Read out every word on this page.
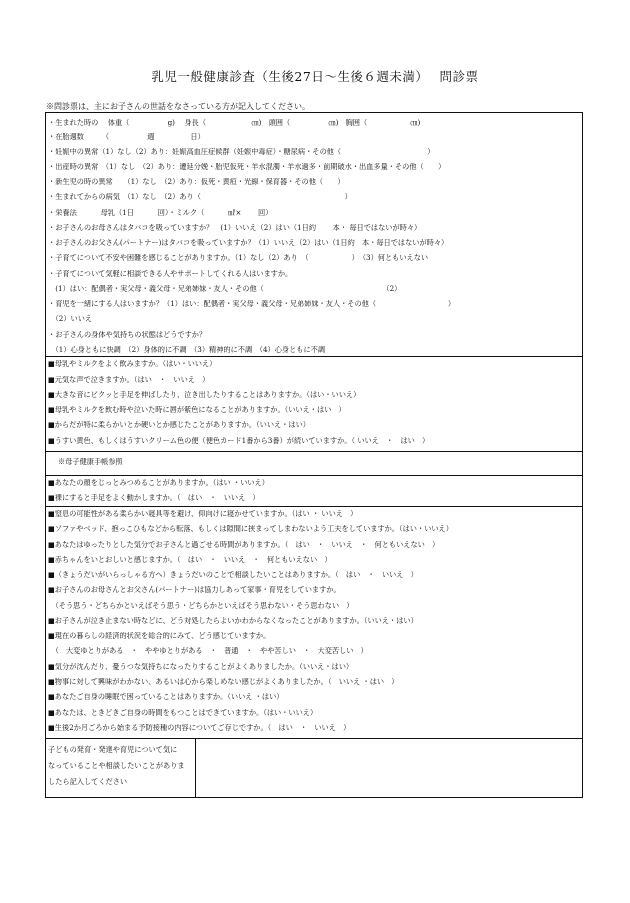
乳児一般健康診査（生後27日～生後６週未満）　 問診票
※問診票は、主にお子さんの世話をなさっている方が記入してください。
・生まれた時の　 体重（　　　　　 g)　 身長（　　　　　　 ㎝)　頭囲（　　　　　 ㎝)　胸囲（　　　　　　㎝)
・在胎週数　　　（　　　　　 週　　　　　日）
・妊娠中の異常（1）なし（2）あり：妊娠高血圧症候群（妊娠中毒症）・糖尿病・その他（　　　　　　　　　　　　）
・出産時の異常　（1）なし　（2）あり：遷延分娩・胎児仮死・羊水混濁・羊水過多・前期破水・出血多量・その他（　　）
・新生児の時の異常　　（1）なし　（2）あり：仮死・黄疸・光線・保育器・その他（　　）
・生まれてからの病気　（1）なし　（2）あり（　　　　　　　　　　　　　　　　　　　　）
・栄養法　　　 母乳（1日　　　 回）・ミルク（　　　 ㎖×　　 回）
・お子さんのお母さんはタバコを吸っていますか？　(1）いいえ（2）はい（1日約　　 本・ 毎日ではないが時々）
・お子さんのお父さん(パートナー)はタバコを吸っていますか？（1）いいえ（2）はい（1日約　本・毎日ではないが時々）
・子育てについて不安や困難を感じることがありますか。（1）なし（2）あり　（　　　　　　）　（3）何ともいえない
・子育てについて気軽に相談できる人やサポートしてくれる人はいますか。
　(1）はい：配偶者・実父母・義父母・兄弟姉妹・友人・その他（　　　　　　　　　　　　　　　　　（2）
・育児を一緒にする人はいますか？（1）はい：配偶者・実父母・義父母・兄弟姉妹・友人・その他（　　　　　　　　　　）
　（2）いいえ
・お子さんの身体や気持ちの状態はどうですか？
　（1）心身ともに快調　（2）身体的に不調　（3）精神的に不調　（4）心身ともに不調
■母乳やミルクをよく飲みますか。（はい・いいえ）
■元気な声で泣きますか。（はい　・　いいえ　）
■大きな音にビクッと手足を伸ばしたり、泣き出したりすることはありますか。（はい・いいえ）
■母乳やミルクを飲む時や泣いた時に唇が紫色になることがありますか。（いいえ・はい　）
■からだが特に柔らかいとか硬いとか感じたことがありますか。（いいえ・はい）
■うすい黄色、もしくはうすいクリーム色の便（便色カード1番から3番）が続いていますか。（ いいえ　・　はい　）
※母子健康手帳参照
■あなたの顔をじっとみつめることがありますか。（はい ・いいえ）
■裸にすると手足をよく動かしますか。（　はい　・　いいえ　）
■窒息の可能性がある柔らかい寝具等を避け、仰向けに寝かせていますか。（はい ・ いいえ　）
■ソファやベッド、抱っこひもなどから転落、もしくは隙間に挟まってしまわないよう工夫をしていますか。（はい・いいえ）
■あなたはゆったりとした気分でお子さんと過ごせる時間がありますか。（　はい　・　いいえ　・　何ともいえない　）
■赤ちゃんをいとおしいと感じますか。（　はい　・　いいえ　・　何ともいえない　）
■（きょうだいがいらっしゃる方へ）きょうだいのことで相談したいことはありますか。（　はい　・　いいえ　）
■お子さんのお母さんとお父さん(パートナー)は協力しあって家事・育児をしていますか。
　（そう思う・どちらかといえばそう思う・どちらかといえばそう思わない・そう思わない　）
■お子さんが泣き止まない時などに、どう対処したらよいかわからなくなったことがありますか。（いいえ・はい）
■現在の暮らしの経済的状況を総合的にみて、どう感じていますか。
　（　大変ゆとりがある　・　ややゆとりがある　・　普通　・　やや苦しい　・　大変苦しい　）
■気分が沈んだり、憂うつな気持ちになったりすることがよくありましたか。（いいえ・はい）
■物事に対して興味がわかない、あるいは心から楽しめない感じがよくありましたか。（　いいえ ・はい　）
■あなたご自身の睡眠で困っていることはありますか。（いいえ ・はい）
■あなたは、ときどきご自身の時間をもつことはできていますか。（はい・いいえ）
■生後2か月ごろから始まる予防接種の内容についてご存じですか。（　はい　・　いいえ　）
子どもの発育・発達や育児について気に
なっていることや相談したいことがありま
したら記入してください
